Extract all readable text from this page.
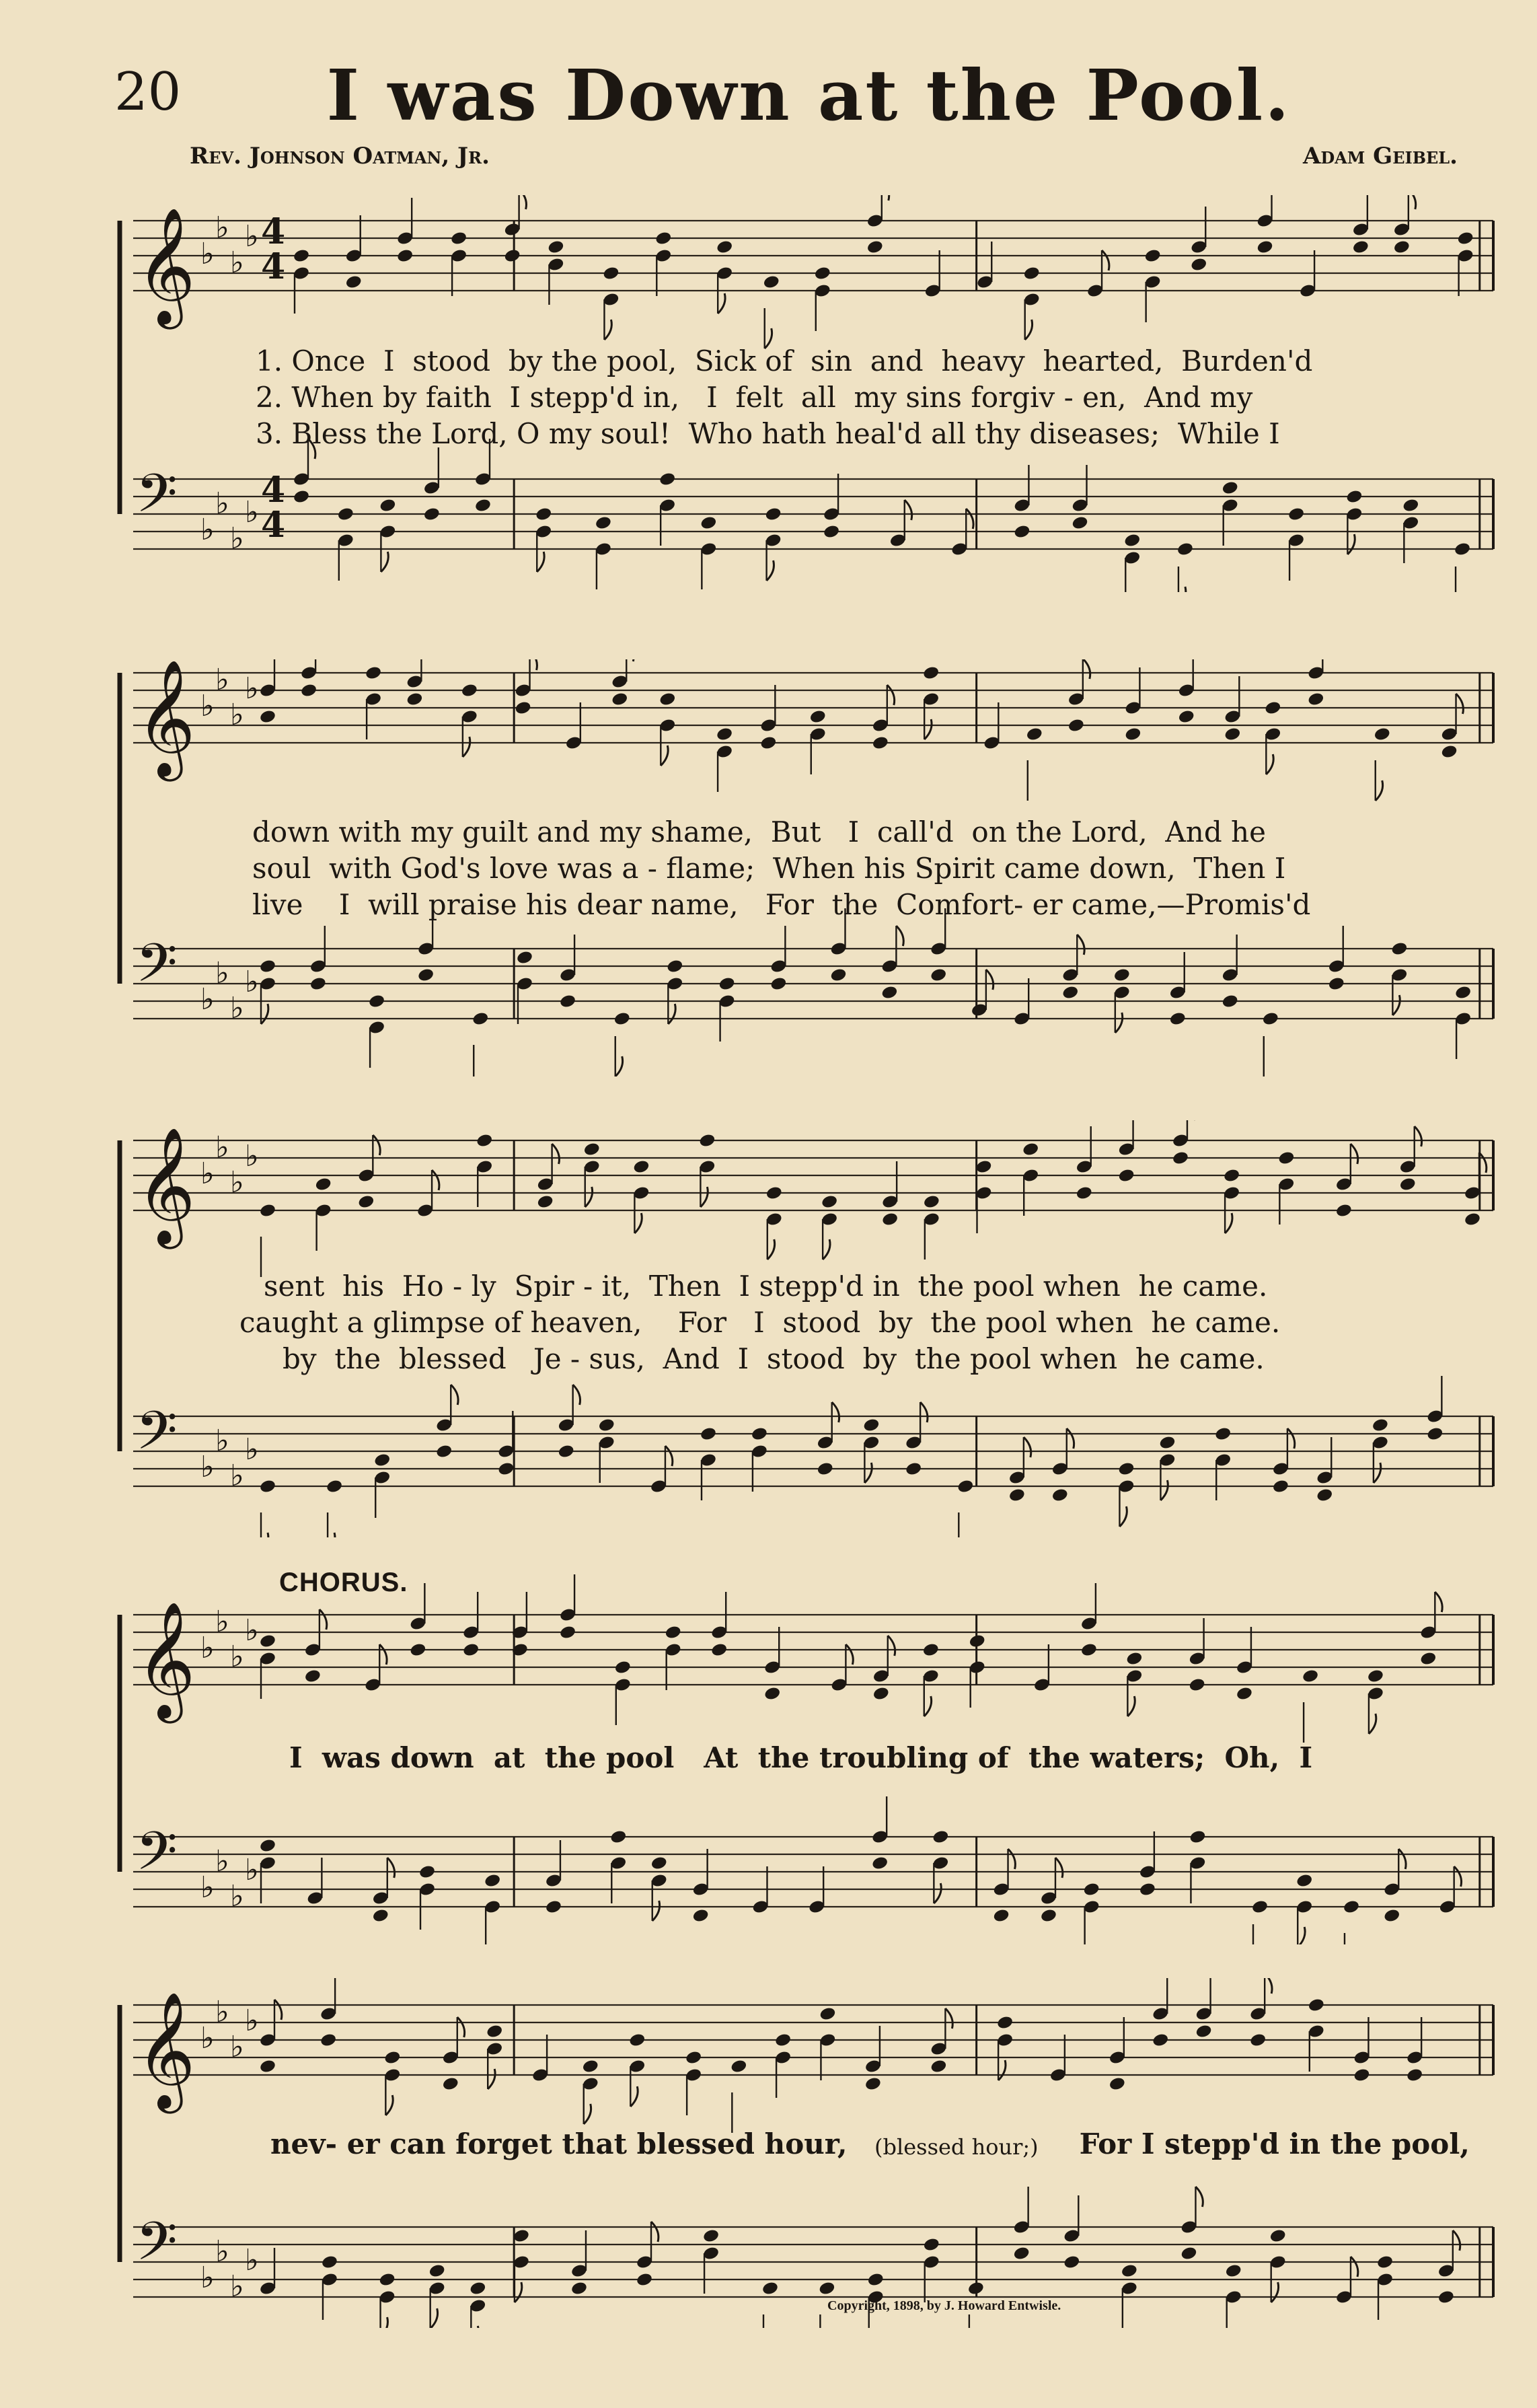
20	I was Down at the Pool.
Rev. Johnson Oatman, Jr.	Adam Geibel.
𝄞 ♭
♭
♭
♭ 4
4
𝄢 ♭
♭
♭
♭
4
4
1. Once  I  stood  by the pool,  Sick of  sin  and  heavy  hearted,  Burden'd
2. When by faith  I stepp'd in,   I  felt  all  my sins forgiv - en,  And my
3. Bless the Lord, O my soul!  Who hath heal'd all thy diseases;  While I
𝄞 ♭
♭
♭
♭
𝄢 ♭
♭
♭
♭
down with my guilt and my shame,  But   I  call'd  on the Lord,  And he
soul  with God's love was a - flame;  When his Spirit came down,  Then I
live    I  will praise his dear name,   For  the  Comfort- er came,—Promis'd
𝄞 ♭
♭
♭
♭
𝄢 ♭
♭
♭
♭
sent  his  Ho - ly  Spir - it,  Then  I stepp'd in  the pool when  he came.
caught a glimpse of heaven,    For   I  stood  by  the pool when  he came.
by  the  blessed   Je - sus,  And  I  stood  by  the pool when  he came.
CHORUS.
𝄞 ♭
♭
♭
♭
𝄢 ♭
♭
♭
♭
I  was down  at  the pool   At  the troubling of  the waters;  Oh,  I
𝄞 ♭
♭
♭
♭
𝄢 ♭
♭
♭
♭
nev- er can forget that blessed hour,	(blessed hour;)	For I stepp'd in the pool,
Copyright, 1898, by J. Howard Entwisle.
